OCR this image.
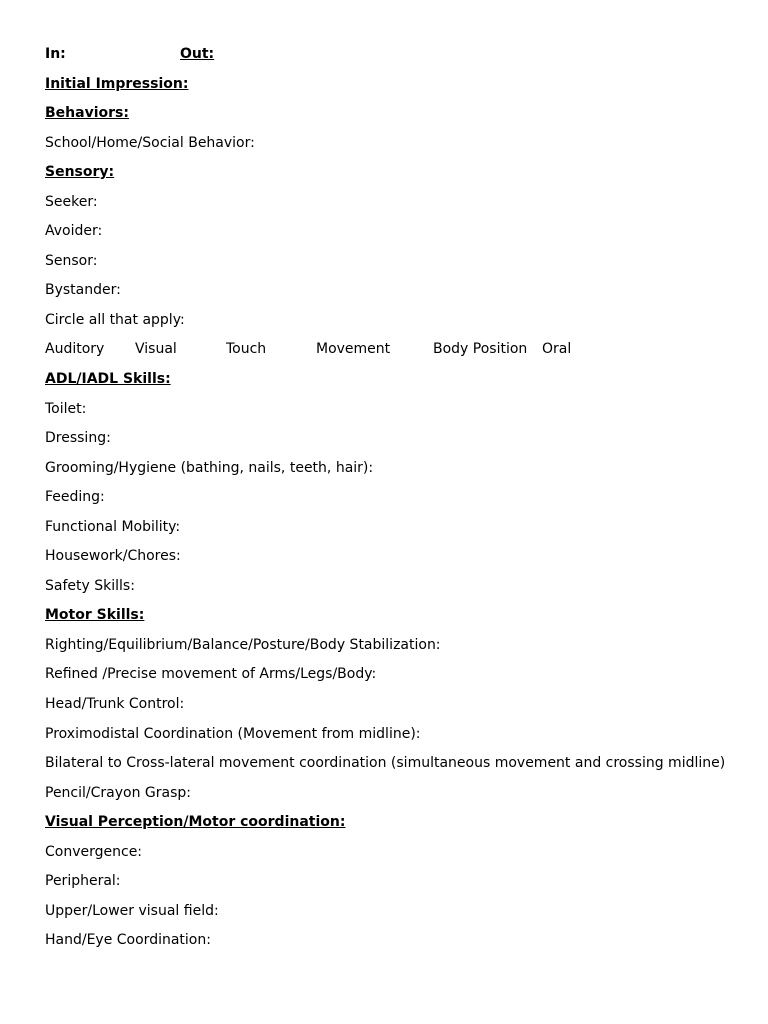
In:	Out:
Initial Impression:
Behaviors:
School/Home/Social Behavior:
Sensory:
Seeker:
Avoider:
Sensor:
Bystander:
Circle all that apply:
Auditory Visual	Touch	Movement	Body Position Oral
ADL/IADL Skills:
Toilet:
Dressing:
Grooming/Hygiene (bathing, nails, teeth, hair):
Feeding:
Functional Mobility:
Housework/Chores:
Safety Skills:
Motor Skills:
Righting/Equilibrium/Balance/Posture/Body Stabilization:
Refined /Precise movement of Arms/Legs/Body:
Head/Trunk Control:
Proximodistal Coordination (Movement from midline):
Bilateral to Cross-lateral movement coordination (simultaneous movement and crossing midline)
Pencil/Crayon Grasp:
Visual Perception/Motor coordination:
Convergence:
Peripheral:
Upper/Lower visual field:
Hand/Eye Coordination:
